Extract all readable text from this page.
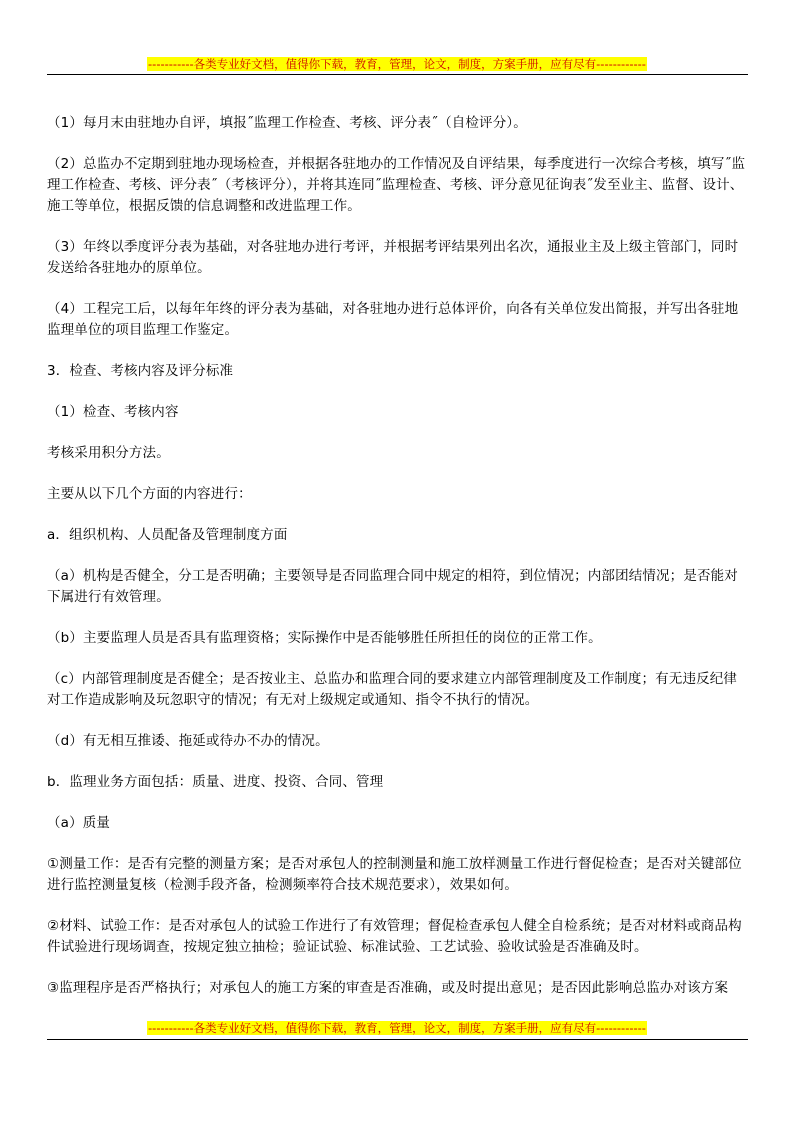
-----------各类专业好文档，值得你下载，教育，管理，论文，制度，方案手册，应有尽有------------

（1）每月末由驻地办自评，填报˝监理工作检查、考核、评分表˝（自检评分）。

（2）总监办不定期到驻地办现场检查，并根据各驻地办的工作情况及自评结果，每季度进行一次综合考核，填写˝监理工作检查、考核、评分表˝（考核评分），并将其连同˝监理检查、考核、评分意见征询表˝发至业主、监督、设计、施工等单位，根据反馈的信息调整和改进监理工作。

（3）年终以季度评分表为基础，对各驻地办进行考评，并根据考评结果列出名次，通报业主及上级主管部门，同时发送给各驻地办的原单位。

（4）工程完工后，以每年年终的评分表为基础，对各驻地办进行总体评价，向各有关单位发出简报，并写出各驻地监理单位的项目监理工作鉴定。

3．检查、考核内容及评分标准

（1）检查、考核内容

考核采用积分方法。

主要从以下几个方面的内容进行：

a．组织机构、人员配备及管理制度方面

（a）机构是否健全，分工是否明确；主要领导是否同监理合同中规定的相符，到位情况；内部团结情况；是否能对下属进行有效管理。

（b）主要监理人员是否具有监理资格；实际操作中是否能够胜任所担任的岗位的正常工作。

（c）内部管理制度是否健全；是否按业主、总监办和监理合同的要求建立内部管理制度及工作制度；有无违反纪律对工作造成影响及玩忽职守的情况；有无对上级规定或通知、指令不执行的情况。

（d）有无相互推诿、拖延或待办不办的情况。

b．监理业务方面包括：质量、进度、投资、合同、管理

（a）质量

①测量工作：是否有完整的测量方案；是否对承包人的控制测量和施工放样测量工作进行督促检查；是否对关键部位进行监控测量复核（检测手段齐备，检测频率符合技术规范要求），效果如何。

②材料、试验工作：是否对承包人的试验工作进行了有效管理；督促检查承包人健全自检系统；是否对材料或商品构件试验进行现场调查，按规定独立抽检；验证试验、标准试验、工艺试验、验收试验是否准确及时。

③监理程序是否严格执行；对承包人的施工方案的审查是否准确，或及时提出意见；是否因此影响总监办对该方案

-----------各类专业好文档，值得你下载，教育，管理，论文，制度，方案手册，应有尽有------------
